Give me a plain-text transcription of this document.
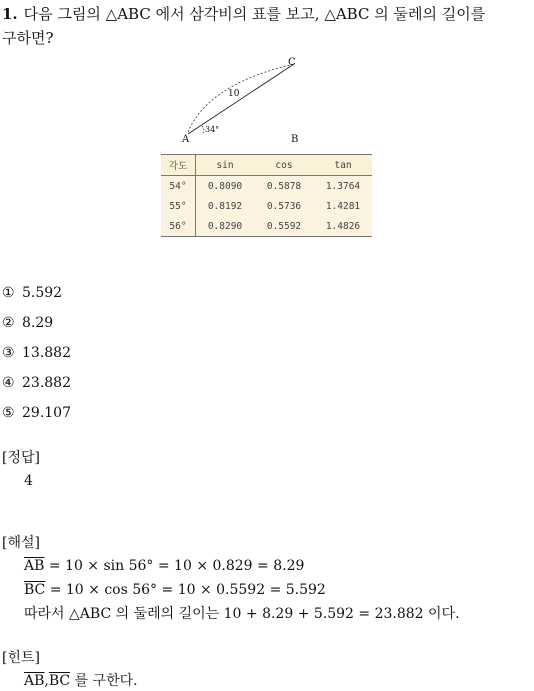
1. 다음 그림의 △ABC 에서 삼각비의 표를 보고, △ABC 의 둘레의 길이를
구하면?
A	B
C
10
34°
각도	sin	cos	tan
54°	0.8090	0.5878	1.3764
55°	0.8192	0.5736	1.4281
56°	0.8290	0.5592	1.4826
① 5.592
② 8.29
③ 13.882
④ 23.882
⑤ 29.107
[정답]
4
[해설]
$\overline{AB} = 10 \times \sin 56^\circ = 10 \times 0.829 = 8.29$
$\overline{BC} = 10 \times \cos 56^\circ = 10 \times 0.5592 = 5.592$
따라서 △ABC 의 둘레의 길이는 10 + 8.29 + 5.592 = 23.882 이다.
[힌트]
$\overline{AB},\overline{BC}$ 를 구한다.
